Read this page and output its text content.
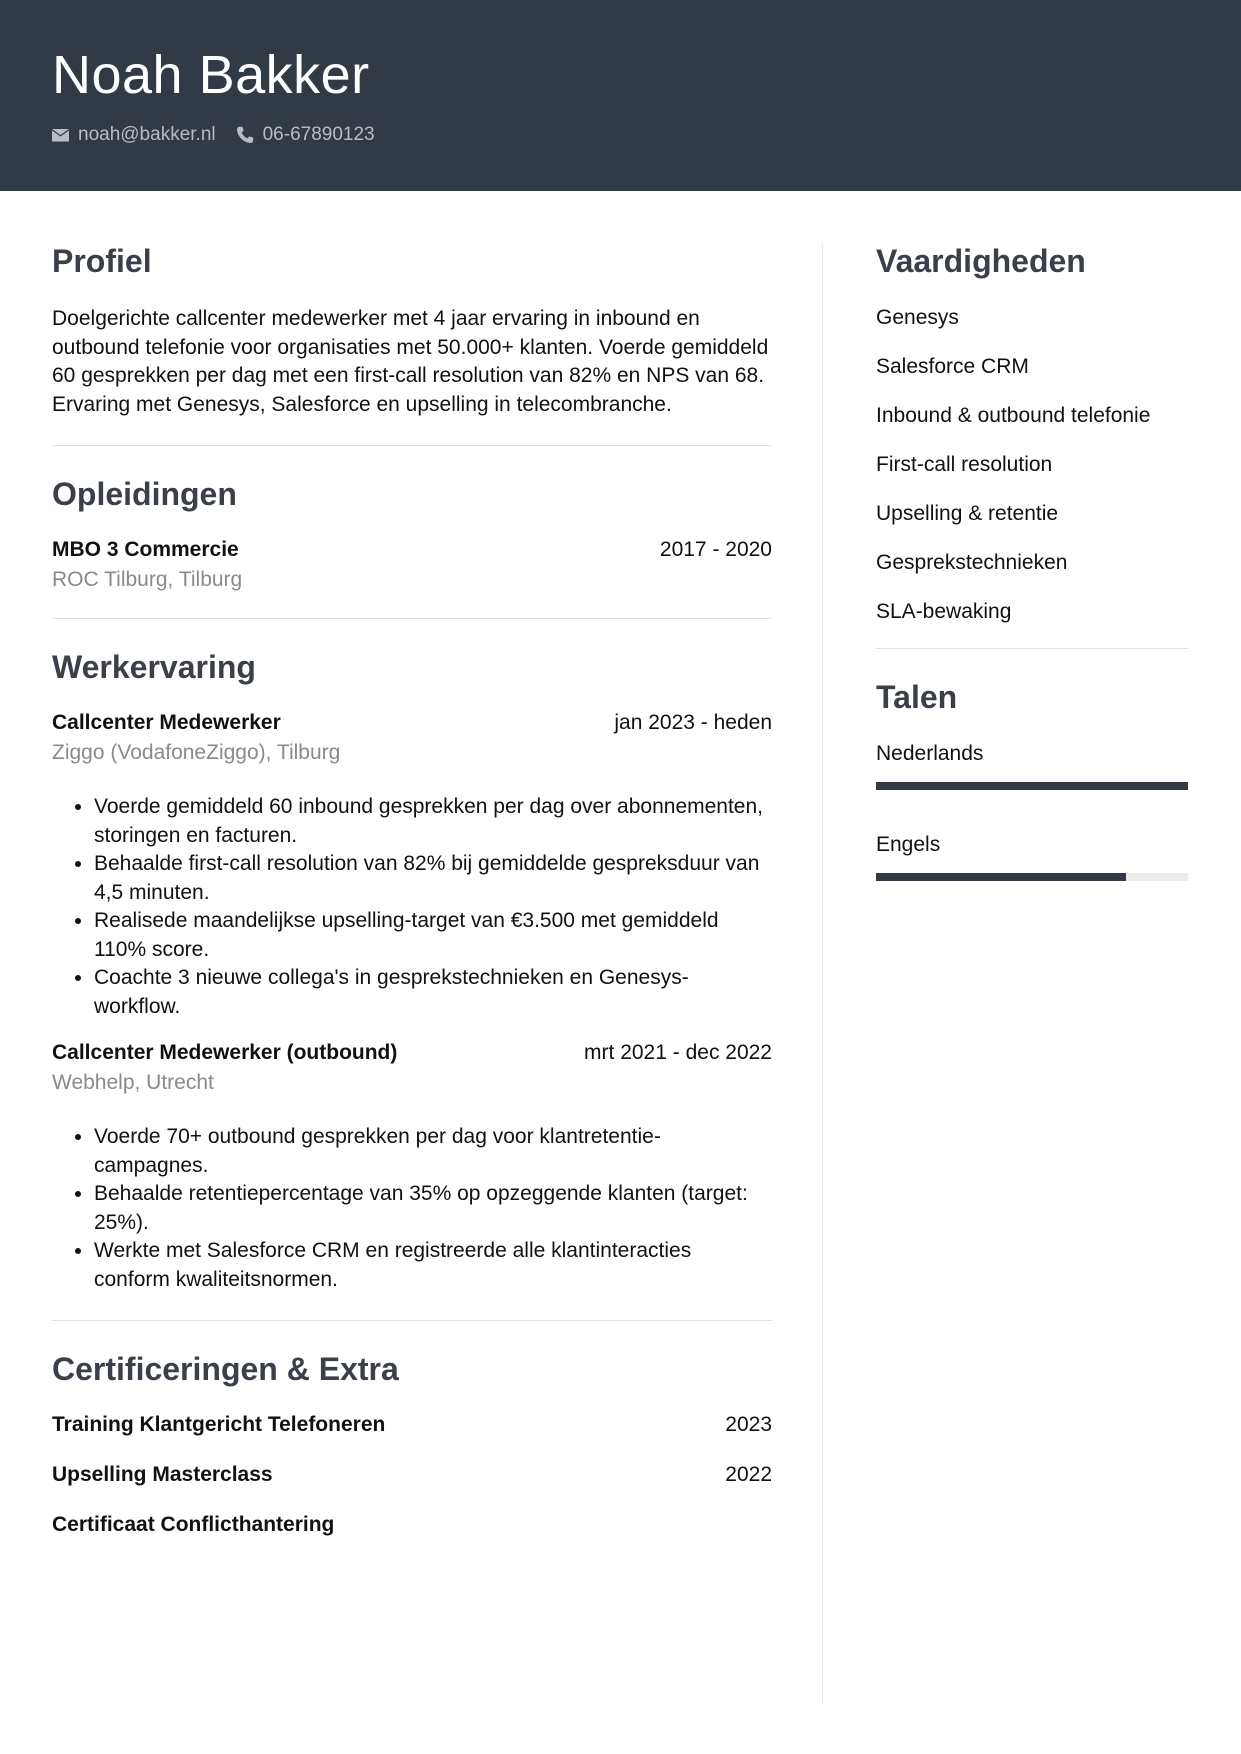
Noah Bakker
noah@bakker.nl 06-67890123
Profiel

Doelgerichte callcenter medewerker met 4 jaar ervaring in inbound en outbound telefonie voor organisaties met 50.000+ klanten. Voerde gemiddeld 60 gesprekken per dag met een first-call resolution van 82% en NPS van 68. Ervaring met Genesys, Salesforce en upselling in telecombranche.

Opleidingen
MBO 3 Commercie	2017 - 2020
ROC Tilburg, Tilburg
Werkervaring
Callcenter Medewerker	jan 2023 - heden
Ziggo (VodafoneZiggo), Tilburg
• Voerde gemiddeld 60 inbound gesprekken per dag over abonnementen, storingen en facturen.
• Behaalde first-call resolution van 82% bij gemiddelde gespreksduur van 4,5 minuten.
• Realisede maandelijkse upselling-target van €3.500 met gemiddeld 110% score.
• Coachte 3 nieuwe collega's in gesprekstechnieken en Genesys-workflow.
Callcenter Medewerker (outbound)	mrt 2021 - dec 2022
Webhelp, Utrecht
• Voerde 70+ outbound gesprekken per dag voor klantretentie-campagnes.
• Behaalde retentiepercentage van 35% op opzeggende klanten (target: 25%).
• Werkte met Salesforce CRM en registreerde alle klantinteracties conform kwaliteitsnormen.
Certificeringen & Extra
Training Klantgericht Telefoneren	2023
Upselling Masterclass	2022
Certificaat Conflicthantering
Vaardigheden
Genesys
Salesforce CRM
Inbound & outbound telefonie
First-call resolution
Upselling & retentie
Gesprekstechnieken
SLA-bewaking
Talen
Nederlands
Engels
